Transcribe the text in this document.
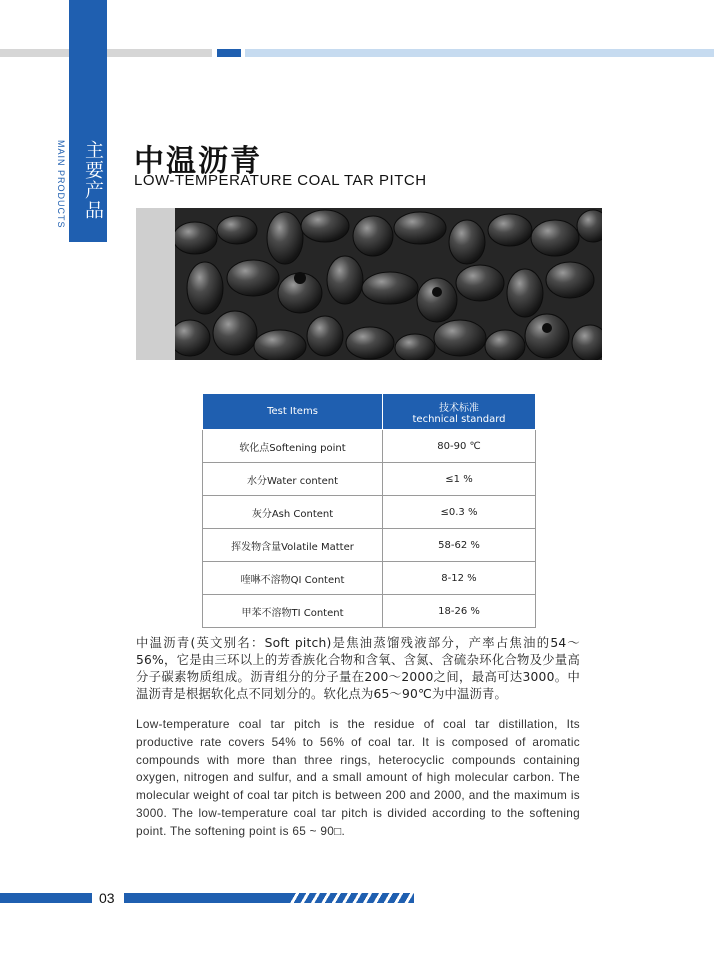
主要产品
MAIN PRODUCTS 中温沥青
LOW-TEMPERATURE COAL TAR PITCH
Test Items	技术标准
technical standard

软化点Softening point	80-90 ℃
水分Water content	≤1 %
灰分Ash Content	≤0.3 %
挥发物含量Volatile Matter	58-62 %
喹啉不溶物QI Content	8-12 %
甲苯不溶物TI Content	18-26 %
中温沥青(英文别名：Soft pitch)是焦油蒸馏残液部分，产率占焦油的54～56%，它是由三环以上的芳香族化合物和含氧、含氮、含硫杂环化合物及少量高分子碳素物质组成。沥青组分的分子量在200～2000之间，最高可达3000。中温沥青是根据软化点不同划分的。软化点为65～90℃为中温沥青。
Low-temperature coal tar pitch is the residue of coal tar distillation, Its productive rate covers 54% to 56% of coal tar. It is composed of aromatic compounds with more than three rings, heterocyclic compounds containing oxygen, nitrogen and sulfur, and a small amount of high molecular carbon. The molecular weight of coal tar pitch is between 200 and 2000, and the maximum is 3000. The low-temperature coal tar pitch is divided according to the softening point. The softening point is 65 ~ 90□.
03
